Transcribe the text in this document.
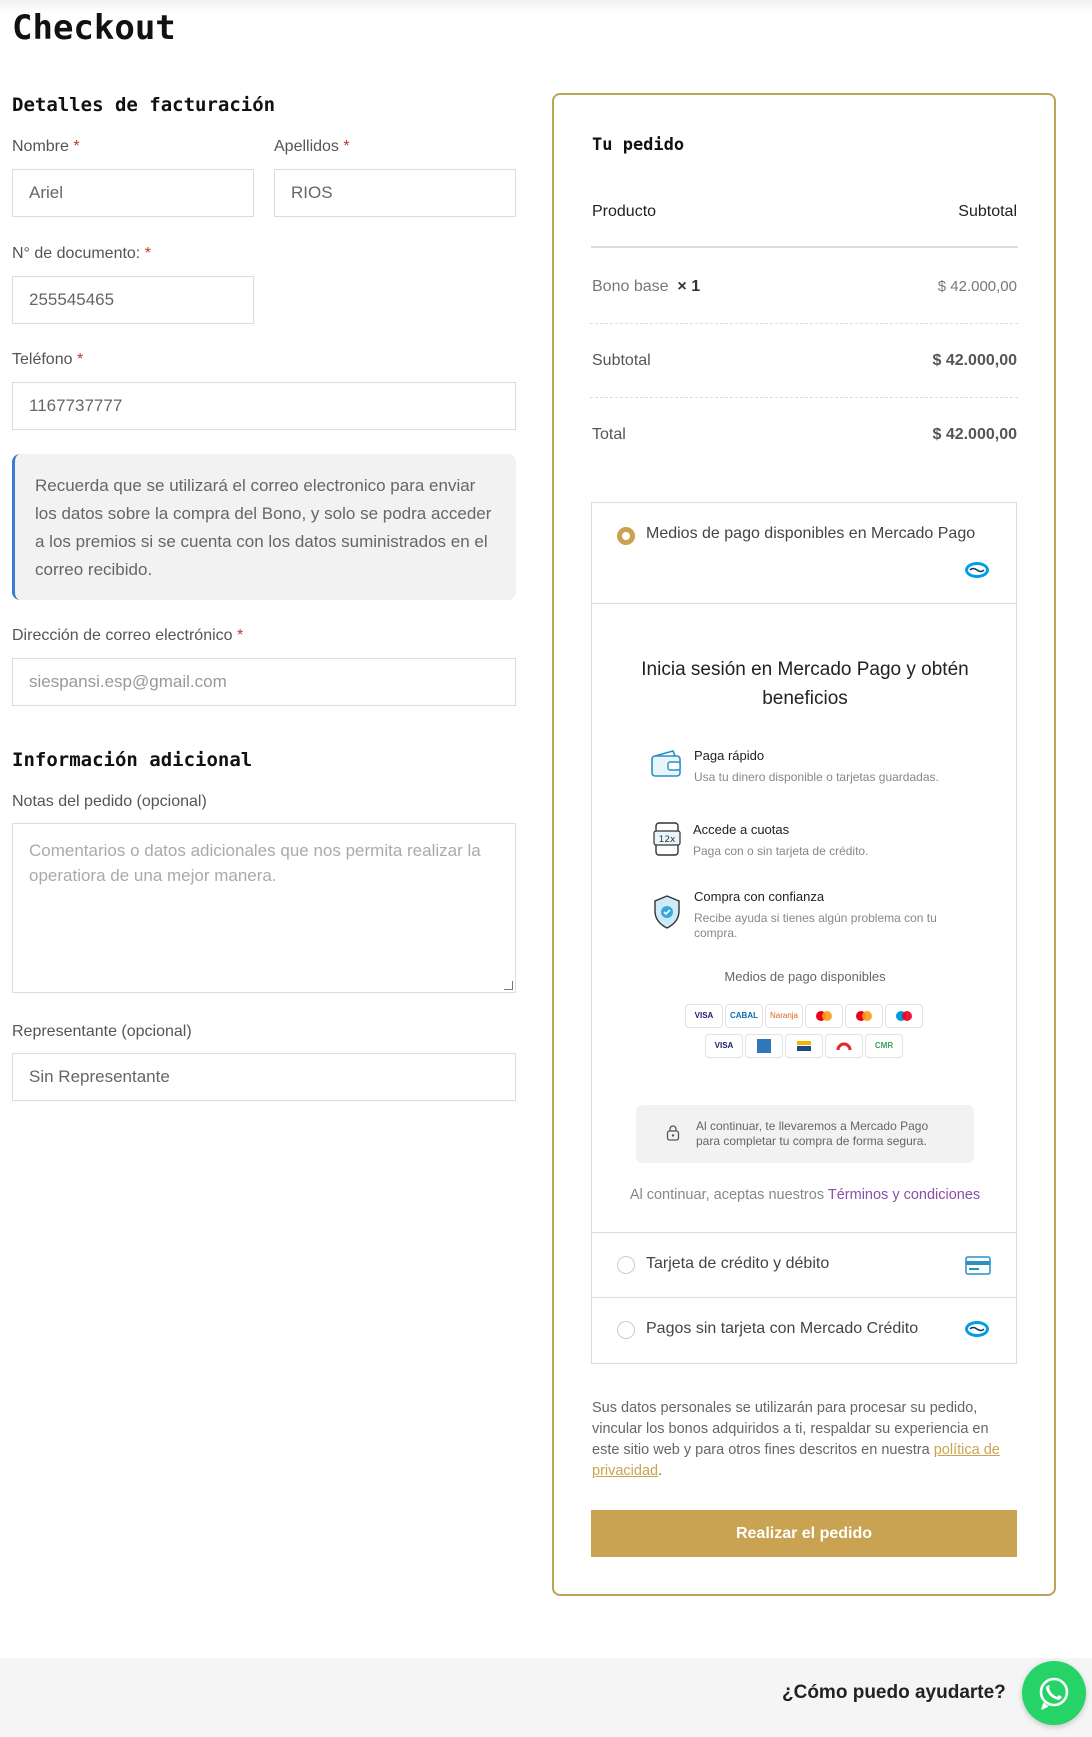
Checkout
Detalles de facturación
Nombre *
Ariel
Apellidos *
RIOS
N° de documento: *
255545465
Teléfono *
1167737777
Recuerda que se utilizará el correo electronico para enviar los datos sobre la compra del Bono, y solo se podra acceder a los premios si se cuenta con los datos suministrados en el correo recibido.
Dirección de correo electrónico *
siespansi.esp@gmail.com
Información adicional
Notas del pedido (opcional)
Comentarios o datos adicionales que nos permita realizar la operatiora de una mejor manera.
Representante (opcional)
Sin Representante
Tu pedido
Producto	Subtotal
Bono base × 1	$ 42.000,00
Subtotal	$ 42.000,00
Total	$ 42.000,00
Medios de pago disponibles en Mercado Pago
Inicia sesión en Mercado Pago y obtén
beneficios
Paga rápido
Usa tu dinero disponible o tarjetas guardadas.
12x
Accede a cuotas
Paga con o sin tarjeta de crédito.
Compra con confianza
Recibe ayuda si tienes algún problema con tu
compra.
Medios de pago disponibles
VISA	CABAL	Naranja
VISA	CMR
Al continuar, te llevaremos a Mercado Pago
para completar tu compra de forma segura.
Al continuar, aceptas nuestros Términos y condiciones
Tarjeta de crédito y débito
Pagos sin tarjeta con Mercado Crédito
Sus datos personales se utilizarán para procesar su pedido, vincular los bonos adquiridos a ti, respaldar su experiencia en este sitio web y para otros fines descritos en nuestra política de privacidad.
Realizar el pedido
¿Cómo puedo ayudarte?
